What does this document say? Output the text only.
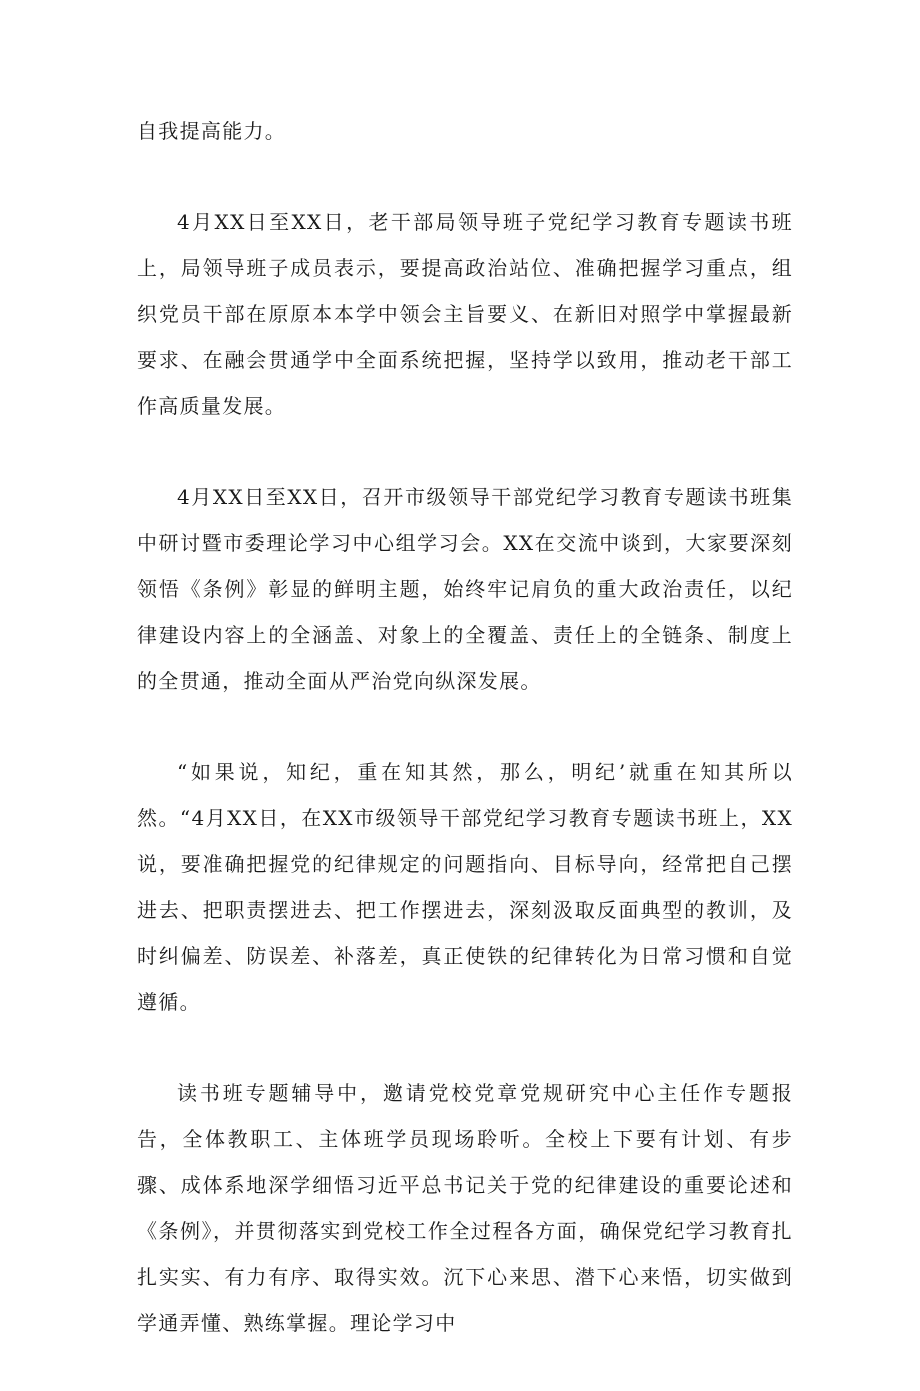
自我提高能力。

4月XX日至XX日，老干部局领导班子党纪学习教育专题读书班上，局领导班子成员表示，要提高政治站位、准确把握学习重点，组织党员干部在原原本本学中领会主旨要义、在新旧对照学中掌握最新要求、在融会贯通学中全面系统把握，坚持学以致用，推动老干部工作高质量发展。

4月XX日至XX日，召开市级领导干部党纪学习教育专题读书班集中研讨暨市委理论学习中心组学习会。XX在交流中谈到，大家要深刻领悟《条例》彰显的鲜明主题，始终牢记肩负的重大政治责任，以纪律建设内容上的全涵盖、对象上的全覆盖、责任上的全链条、制度上的全贯通，推动全面从严治党向纵深发展。

“如果说，知纪，重在知其然，那么，明纪’就重在知其所以然。“4月XX日，在XX市级领导干部党纪学习教育专题读书班上，XX说，要准确把握党的纪律规定的问题指向、目标导向，经常把自己摆进去、把职责摆进去、把工作摆进去，深刻汲取反面典型的教训，及时纠偏差、防误差、补落差，真正使铁的纪律转化为日常习惯和自觉遵循。

读书班专题辅导中，邀请党校党章党规研究中心主任作专题报告，全体教职工、主体班学员现场聆听。全校上下要有计划、有步骤、成体系地深学细悟习近平总书记关于党的纪律建设的重要论述和《条例》，并贯彻落实到党校工作全过程各方面，确保党纪学习教育扎扎实实、有力有序、取得实效。沉下心来思、潜下心来悟，切实做到学通弄懂、熟练掌握。理论学习中
